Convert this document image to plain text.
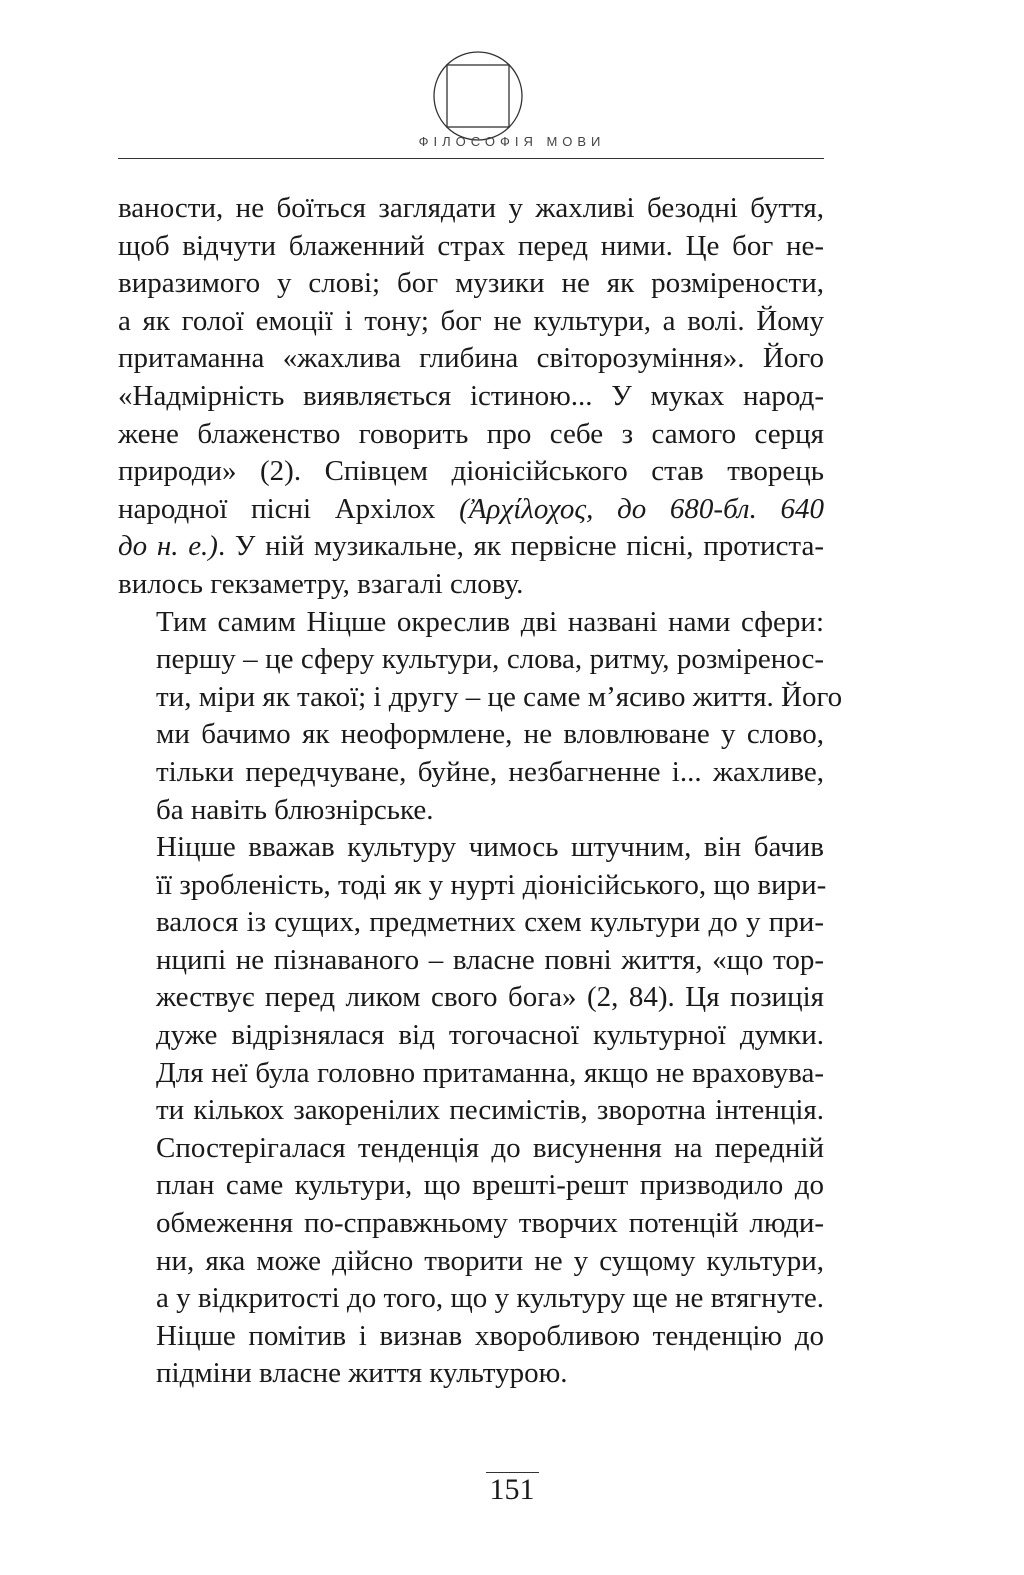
ФІЛОСОФІЯ МОВИ

ваности, не боїться заглядати у жахливі безодні буття,
щоб відчути блаженний страх перед ними. Це бог не-
виразимого у слові; бог музики не як розмірености,
а як голої емоції і тону; бог не культури, а волі. Йому
притаманна «жахлива глибина світорозуміння». Його
«Надмірність виявляється істиною... У муках народ-
жене блаженство говорить про себе з самого серця
природи» (2). Співцем діонісійського став творець
народної пісні Архілох (Ἀρχίλοχος, до 680-бл. 640
до н. е.). У ній музикальне, як первісне пісні, протиста-
вилось гекзаметру, взагалі слову.

Тим самим Ніцше окреслив дві названі нами сфери:
першу – це сферу культури, слова, ритму, розміренос-
ти, міри як такої; і другу – це саме м’ясиво життя. Його
ми бачимо як неоформлене, не вловлюване у слово,
тільки передчуване, буйне, незбагненне і... жахливе,
ба навіть блюзнірське.

Ніцше вважав культуру чимось штучним, він бачив
її зробленість, тоді як у нурті діонісійського, що вири-
валося із сущих, предметних схем культури до у при-
нципі не пізнаваного – власне повні життя, «що тор-
жествує перед ликом свого бога» (2, 84). Ця позиція
дуже відрізнялася від тогочасної культурної думки.
Для неї була головно притаманна, якщо не враховува-
ти кількох закоренілих песимістів, зворотна інтенція.
Спостерігалася тенденція до висунення на передній
план саме культури, що врешті-решт призводило до
обмеження по-справжньому творчих потенцій люди-
ни, яка може дійсно творити не у сущому культури,
а у відкритості до того, що у культуру ще не втягнуте.
Ніцше помітив і визнав хворобливою тенденцію до
підміни власне життя культурою.

151
